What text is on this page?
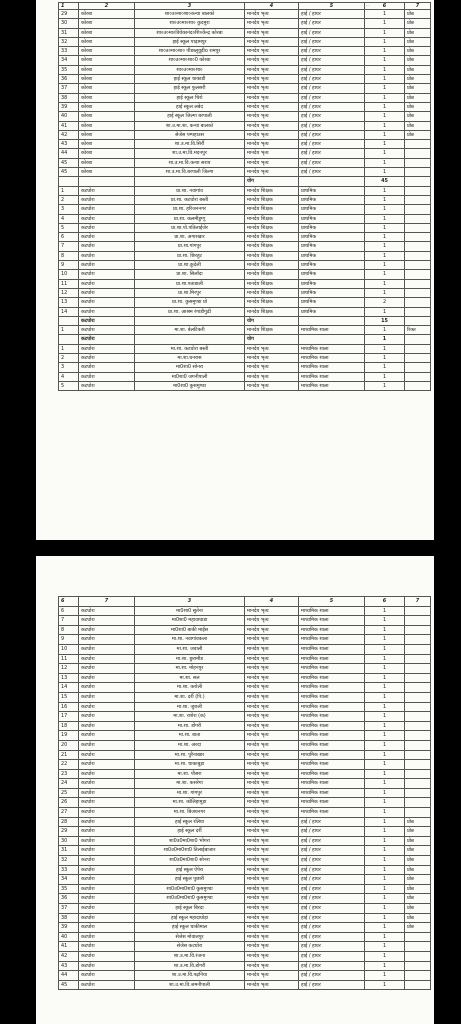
...
1	2	3	4	5	6	7
29	कोरबा	शा०उ०मा०शा०कन्या बालको	मानदेय भृत्य	हाई / हायर	1	प्रोन्न
30	कोरबा	शा०उ०मा०शा० कुदमुरा	मानदेय भृत्य	हाई / हायर	1	प्रोन्न
31	कोरबा	शा०उ०मा०विवेकानंद०शि०केंन्द्र कोरबा	मानदेय भृत्य	हाई / हायर	1	प्रोन्न
32	कोरबा	हाई स्कूल पाढ़ामपुर	मानदेय भृत्य	हाई / हायर	1	प्रोन्न
33	कोरबा	शा०उ०मा०शा० पीडब्लूयूडीo रामपुर	मानदेय भृत्य	हाई / हायर	1	प्रोन्न
34	कोरबा	शा०उ०मा०शा०0 कोरबा	मानदेय भृत्य	हाई / हायर	1	प्रोन्न
35	कोरबा	शा०उ०मा०शा०	मानदेय भृत्य	हाई / हायर	1	प्रोन्न
36	कोरबा	हाई स्कूल चाकाडी	मानदेय भृत्य	हाई / हायर	1	प्रोन्न
37	कोरबा	हाई स्कूल फुलसरी	मानदेय भृत्य	हाई / हायर	1	प्रोन्न
38	कोरबा	हाई स्कूल चिरो	मानदेय भृत्य	हाई / हायर	1	प्रोन्न
39	कोरबा	हाई स्कूल लबेद	मानदेय भृत्य	हाई / हायर	1	प्रोन्न
40	कोरबा	हाई स्कूल जिल्गा बरपाली	मानदेय भृत्य	हाई / हायर	1	प्रोन्न
41	कोरबा	शा.उ.मा.शा. कन्या बालको	मानदेय भृत्य	हाई / हायर	1	प्रोन्न
42	कोरबा	सेजेस पम्पहाउस	मानदेय भृत्य	हाई / हायर	1	प्रोन्न
43	कोरबा	शा.उ.मा.वि.सिर्री	मानदेय भृत्य	हाई / हायर	1	
44	कोरबा	शा.उ.मा.वि.मदनपुर	मानदेय भृत्य	हाई / हायर	1	
45	कोरबा	शा.उ.मा.वि.कन्या सराय	मानदेय भृत्य	हाई / हायर	1	
45	कोरबा	शा.उ.मा.वि.बरपाली जिल्गा	मानदेय भृत्य	हाई / हायर	1	
			योग		45	
1	कटघोरा	प्रा.शा. नवागांव	मानदेय शिक्षक	प्राथमिक	1	
2	कटघोरा	प्रा.शा. कटघोरा बस्ती	मानदेय शिक्षक	प्राथमिक	1	
3	कटघोरा	प्रा.शा. हरिजननगर	मानदेय शिक्षक	प्राथमिक	1	
4	कटघोरा	प्रा.शा. कलमीडुग्गू	मानदेय शिक्षक	प्राथमिक	1	
5	कटघोरा	प्रा.शा.पो.पतिलाईजेर	मानदेय शिक्षक	प्राथमिक	1	
6	कटघोरा	प्रा.शा. अगारखार	मानदेय शिक्षक	प्राथमिक	1	
7	कटघोरा	प्रा.शा.गांगपुर	मानदेय शिक्षक	प्राथमिक	1	
8	कटघोरा	प्रा.शा. छिरहुट	मानदेय शिक्षक	प्राथमिक	1	
9	कटघोरा	प्रा.शा.कुदेली	मानदेय शिक्षक	प्राथमिक	1	
10	कटघोरा	प्रा.शा. सिलाँदा	मानदेय शिक्षक	प्राथमिक	1	
11	कटघोरा	प्रा.शा.पताडाली	मानदेय शिक्षक	प्राथमिक	1	
12	कटघोरा	प्रा.शा.मिरपुर	मानदेय शिक्षक	प्राथमिक	1	
13	कटघोरा	प्रा.शा. कुसमुण्डा प्रो	मानदेय शिक्षक	प्राथमिक	2	
14	कटघोरा	प्रा.शा. आश्रम रंगाडीगुढी	मानदेय शिक्षक	प्राथमिक	1	
	कटघोरा		योग		15	
1	कटघोरा	मा.शा. बेलटिकरी	मानदेय शिक्षक	माध्यमिक शाला	1	रिक्त
	कटघोरा		योग		1	
1	कटघोरा	मा.शा. कटघोरा बस्ती	मानदेय भृत्य	माध्यमिक शाला	1	
2	कटघोरा	मा.शा.धनरास	मानदेय भृत्य	माध्यमिक शाला	1	
3	कटघोरा	मा0शा0 सोनरा	मानदेय भृत्य	माध्यमिक शाला	1	
4	कटघोरा	मा0शा0 जगनीपाली	मानदेय भृत्य	माध्यमिक शाला	1	
5	कटघोरा	मा0शा0 कुसमुण्डा	मानदेय भृत्य	माध्यमिक शाला	1	
6	7	3	4	5	6	7
6	कटघोरा	मा0शा0 सुतेना	मानदेय भृत्य	माध्यमिक शाला	1	
7	कटघोरा	मा0शा0 महावाधाडा	मानदेय भृत्य	माध्यमिक शाला	1	
8	कटघोरा	मा0शा0 बाकी माईंस	मानदेय भृत्य	माध्यमिक शाला	1	
9	कटघोरा	मा.शा. नवागांवकला	मानदेय भृत्य	माध्यमिक शाला	1	
10	कटघोरा	मा.शा. जवाली	मानदेय भृत्य	माध्यमिक शाला	1	
11	कटघोरा	मा.शा. छुरामीड	मानदेय भृत्य	माध्यमिक शाला	1	
12	कटघोरा	मा.शा. मोहनपुर	मानदेय भृत्य	माध्यमिक शाला	1	
13	कटघोरा	मा.शा. सल	मानदेय भृत्य	माध्यमिक शाला	1	
14	कटघोरा	मा.शा. करोली	मानदेय भृत्य	माध्यमिक शाला	1	
15	कटघोरा	मा.शा. दर्री (पि.)	मानदेय भृत्य	माध्यमिक शाला	1	
16	कटघोरा	मा.शा. जुराली	मानदेय भृत्य	माध्यमिक शाला	1	
17	कटघोरा	मा.शा. राशेरा (क)	मानदेय भृत्य	माध्यमिक शाला	1	
18	कटघोरा	मा.शा. डोंगरी	मानदेय भृत्य	माध्यमिक शाला	1	
19	कटघोरा	मा.शा. बाता	मानदेय भृत्य	माध्यमिक शाला	1	
20	कटघोरा	मा.शा. अरदा	मानदेय भृत्य	माध्यमिक शाला	1	
21	कटघोरा	मा.शा. पुरैनाखार	मानदेय भृत्य	माध्यमिक शाला	1	
22	कटघोरा	मा.शा. चाकाबुड़ा	मानदेय भृत्य	माध्यमिक शाला	1	
23	कटघोरा	मा.शा. पौसरा	मानदेय भृत्य	माध्यमिक शाला	1	
24	कटघोरा	मा.शा. कसरेगा	मानदेय भृत्य	माध्यमिक शाला	1	
25	कटघोरा	मा.शा. गांगपुर	मानदेय भृत्य	माध्यमिक शाला	1	
26	कटघोरा	मा.शा. कोलिहामुड़ा	मानदेय भृत्य	माध्यमिक शाला	1	
27	कटघोरा	मा.शा. बिजयनगर	मानदेय भृत्य	माध्यमिक शाला	1	
28	कटघोरा	हाई स्कूल रलिया	मानदेय भृत्य	हाई / हायर	1	प्रोन्न
29	कटघोरा	हाई स्कूल दर्री	मानदेय भृत्य	हाई / हायर	1	प्रोन्न
30	कटघोरा	शा0उ0मा0शा0 भोगरा	मानदेय भृत्य	हाई / हायर	1	प्रोन्न
31	कटघोरा	शा0उ0मा0शा0 तिलाईबाजार	मानदेय भृत्य	हाई / हायर	1	प्रोन्न
32	कटघोरा	शा0उ0मा0शा0 सोनरा	मानदेय भृत्य	हाई / हायर	1	प्रोन्न
33	कटघोरा	हाई स्कूल ऐपेरा	मानदेय भृत्य	हाई / हायर	1	प्रोन्न
34	कटघोरा	हाई स्कूल पुछारी	मानदेय भृत्य	हाई / हायर	1	प्रोन्न
35	कटघोरा	शा0उ0मा0शा0 कुसमुण्डा	मानदेय भृत्य	हाई / हायर	1	प्रोन्न
36	कटघोरा	शा0उ0मा0शा0 कुसमुण्डा	मानदेय भृत्य	हाई / हायर	1	प्रोन्न
37	कटघोरा	हाई स्कूल बिरदा	मानदेय भृत्य	हाई / हायर	1	प्रोन्न
38	कटघोरा	हाई स्कूल महादाघोड़ा	मानदेय भृत्य	हाई / हायर	1	प्रोन्न
39	कटघोरा	हाई स्कूल चाकीमाल	मानदेय भृत्य	हाई / हायर	1	प्रोन्न
40	कटघोरा	सेजेस मोवालपुर	मानदेय भृत्य	हाई / हायर	1	
41	कटघोरा	सेजेस कटघोरा	मानदेय भृत्य	हाई / हायर	1	
42	कटघोरा	शा.उ.मा.वि.रंजना	मानदेय भृत्य	हाई / हायर	1	
43	कटघोरा	शा.उ.मा.वि.डोंगरी	मानदेय भृत्य	हाई / हायर	1	
44	कटघोरा	शा.उ.मा.वि.पढ़निया	मानदेय भृत्य	हाई / हायर	1	
45	कटघोरा	शा.उ.मा.वि.जमनीपाली	मानदेय भृत्य	हाई / हायर	1	
